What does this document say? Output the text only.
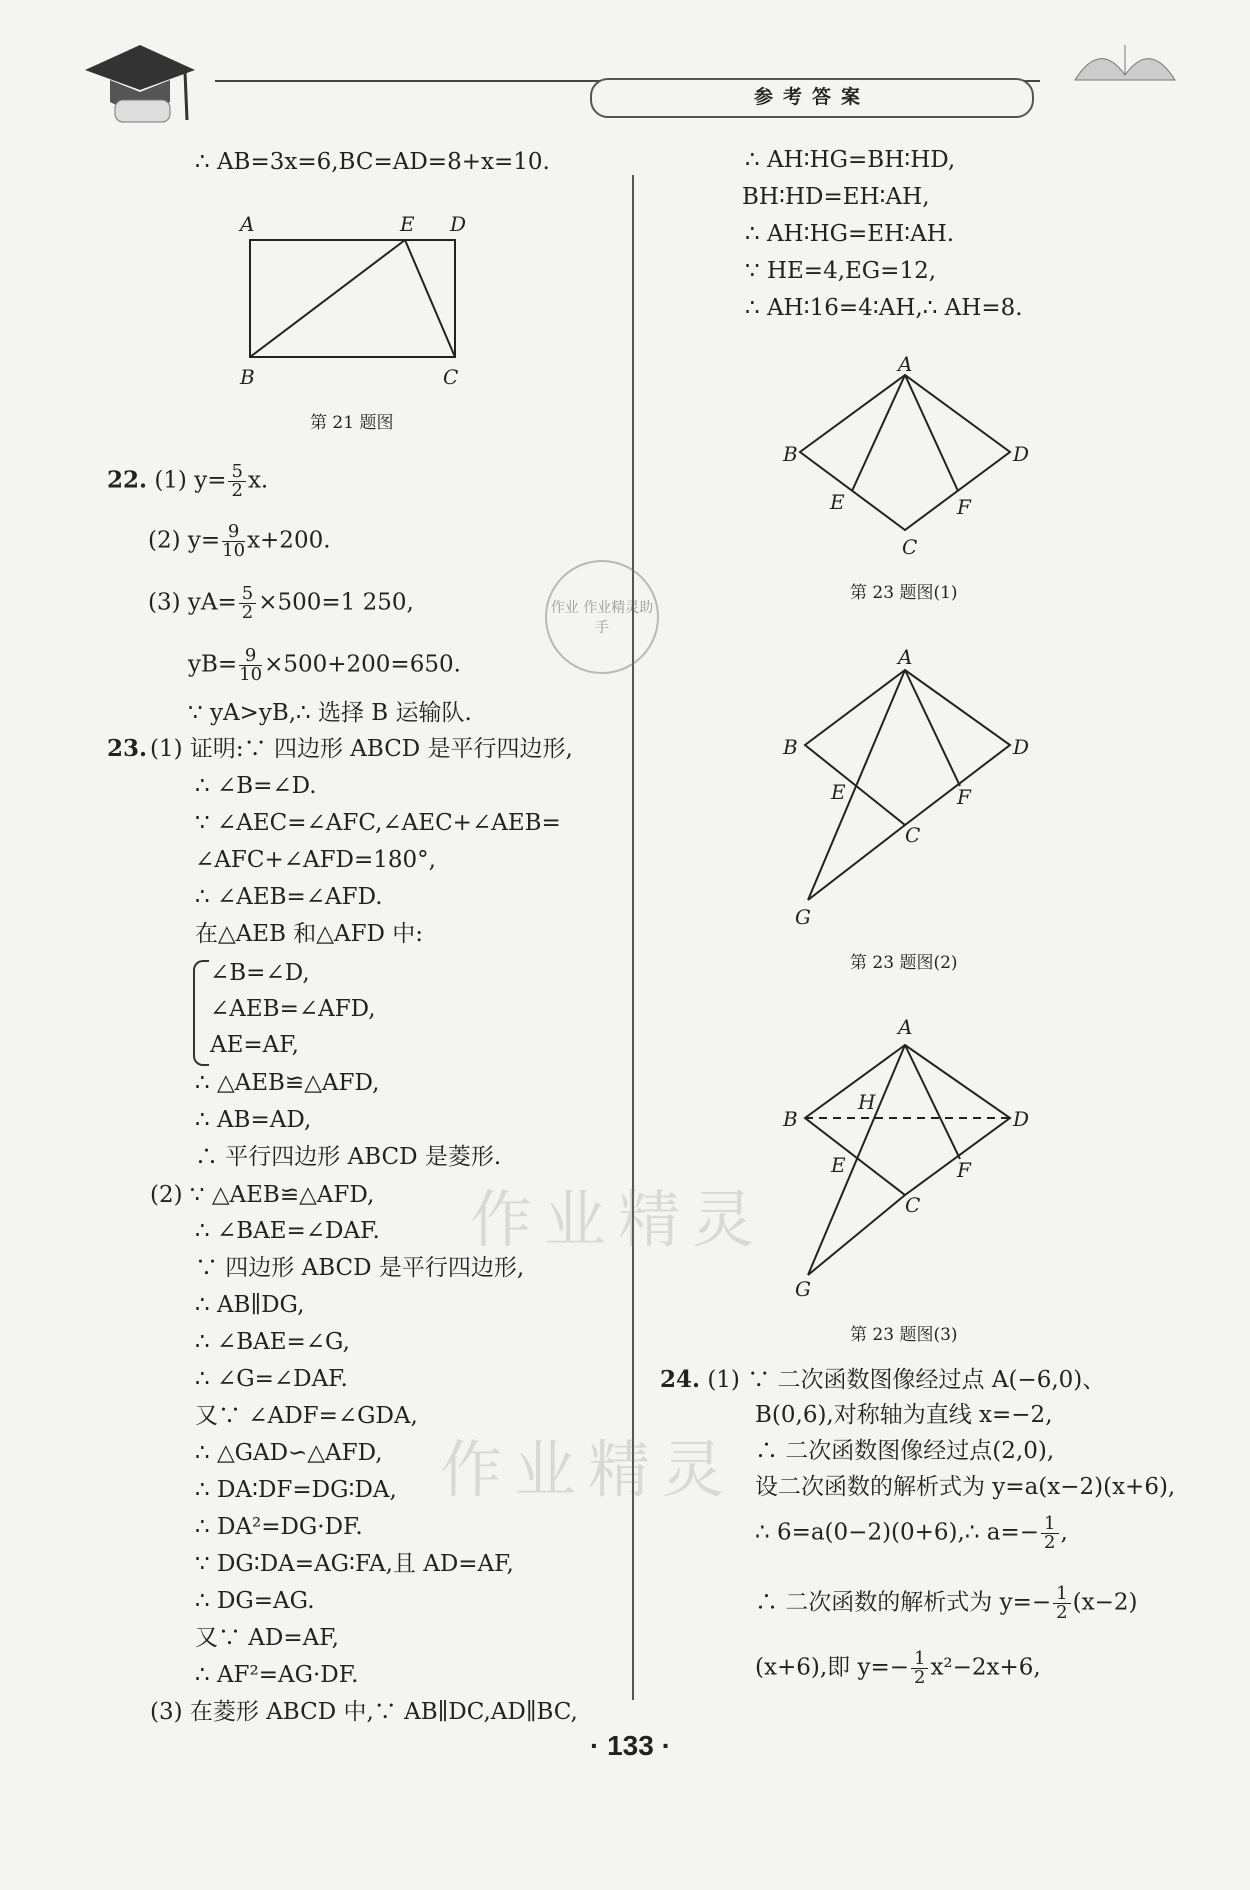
参考答案
作业精灵
作业精灵
作业 作业精灵助手
∴ AB=3x=6,BC=AD=8+x=10.
A	E D
B	C
第 21 题图
22. (1) $y= \frac{5}{2} x$.
(2) $y= \frac{9}{10} x+200$.
(3) $yA= \frac{5}{2} \times 500=1$ 250,
$yB= \frac{9}{10} \times 500+200=650$.
∵ yA>yB,∴ 选择 B 运输队.
23. (1) 证明:∵ 四边形 ABCD 是平行四边形,
∴ ∠B=∠D.
∵ ∠AEC=∠AFC,∠AEC+∠AEB=
∠AFC+∠AFD=180°,
∴ ∠AEB=∠AFD.
在△AEB 和△AFD 中:
∠B=∠D,
∠AEB=∠AFD,
AE=AF,
∴ △AEB≌△AFD,
∴ AB=AD,
∴ 平行四边形 ABCD 是菱形.
(2) ∵ △AEB≌△AFD,
∴ ∠BAE=∠DAF.
∵ 四边形 ABCD 是平行四边形,
∴ AB∥DG,
∴ ∠BAE=∠G,
∴ ∠G=∠DAF.
又∵ ∠ADF=∠GDA,
∴ △GAD∽△AFD,
∴ DA∶DF=DG∶DA,
∴ DA²=DG·DF.
∵ DG∶DA=AG∶FA,且 AD=AF,
∴ DG=AG.
又∵ AD=AF,
∴ AF²=AG·DF.
(3) 在菱形 ABCD 中,∵ AB∥DC,AD∥BC,
∴ AH∶HG=BH∶HD,
BH∶HD=EH∶AH,
∴ AH∶HG=EH∶AH.
∵ HE=4,EG=12,
∴ AH∶16=4∶AH,∴ AH=8.
A
B	D
E	F
C
第 23 题图(1)
A
B	D
E	F
C
G
第 23 题图(2)
A
H
B	D
E	F
C
G
第 23 题图(3)
24. (1) ∵ 二次函数图像经过点 A(−6,0)、
B(0,6),对称轴为直线 x=−2,
∴ 二次函数图像经过点(2,0),
设二次函数的解析式为 y=a(x−2)(x+6),
∴ 6=a(0−2)(0+6),∴ $a=- \frac{1}{2}$ ,
∴ 二次函数的解析式为 $y=- \frac{1}{2} (x-2)$
(x+6),即 $y=- \frac{1}{2} x^2-2x+6$,
· 133 ·
